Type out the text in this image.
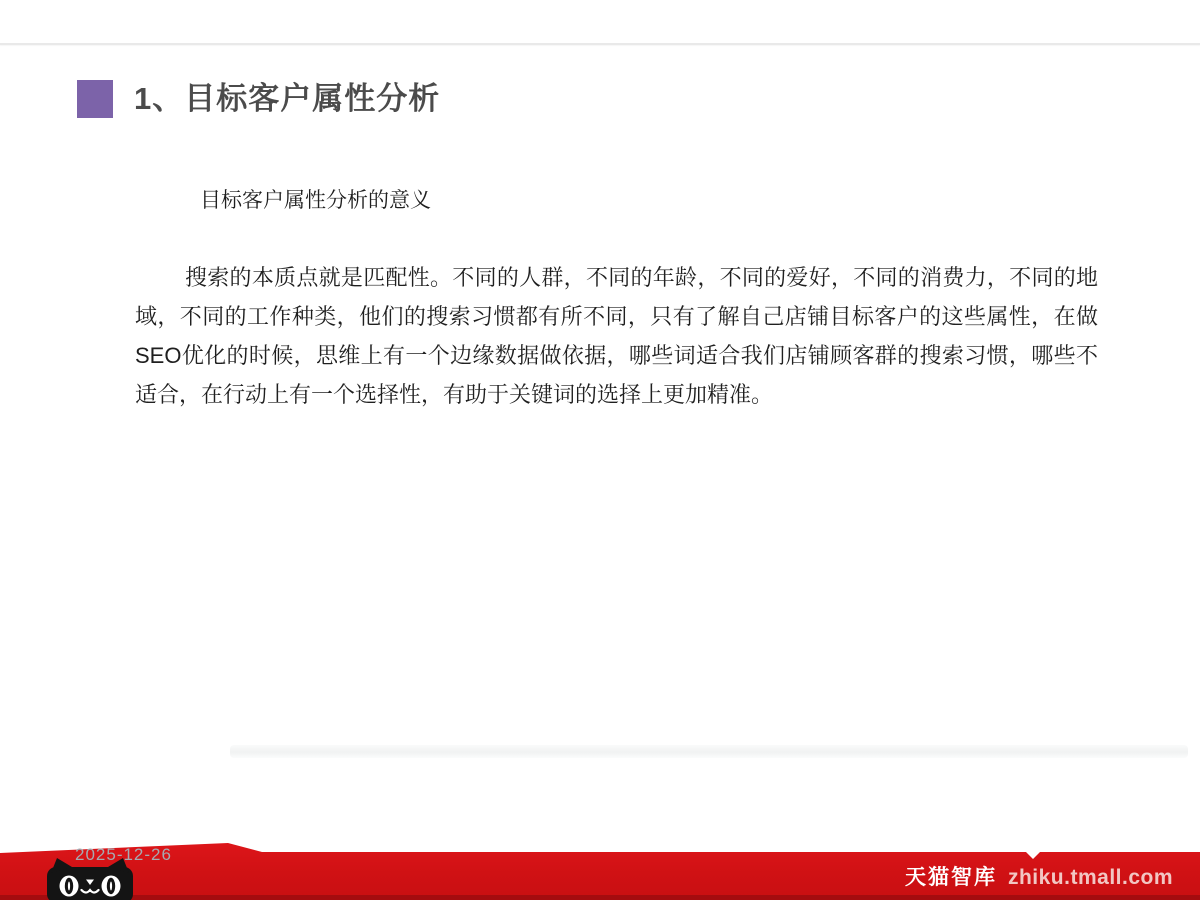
1、目标客户属性分析
目标客户属性分析的意义
搜索的本质点就是匹配性。不同的人群，不同的年龄，不同的爱好，不同的消费力，不同的地域，不同的工作种类，他们的搜索习惯都有所不同，只有了解自己店铺目标客户的这些属性，在做SEO优化的时候，思维上有一个边缘数据做依据，哪些词适合我们店铺顾客群的搜索习惯，哪些不适合，在行动上有一个选择性，有助于关键词的选择上更加精准。
2025-12-26
天猫智库 zhiku.tmall.com
